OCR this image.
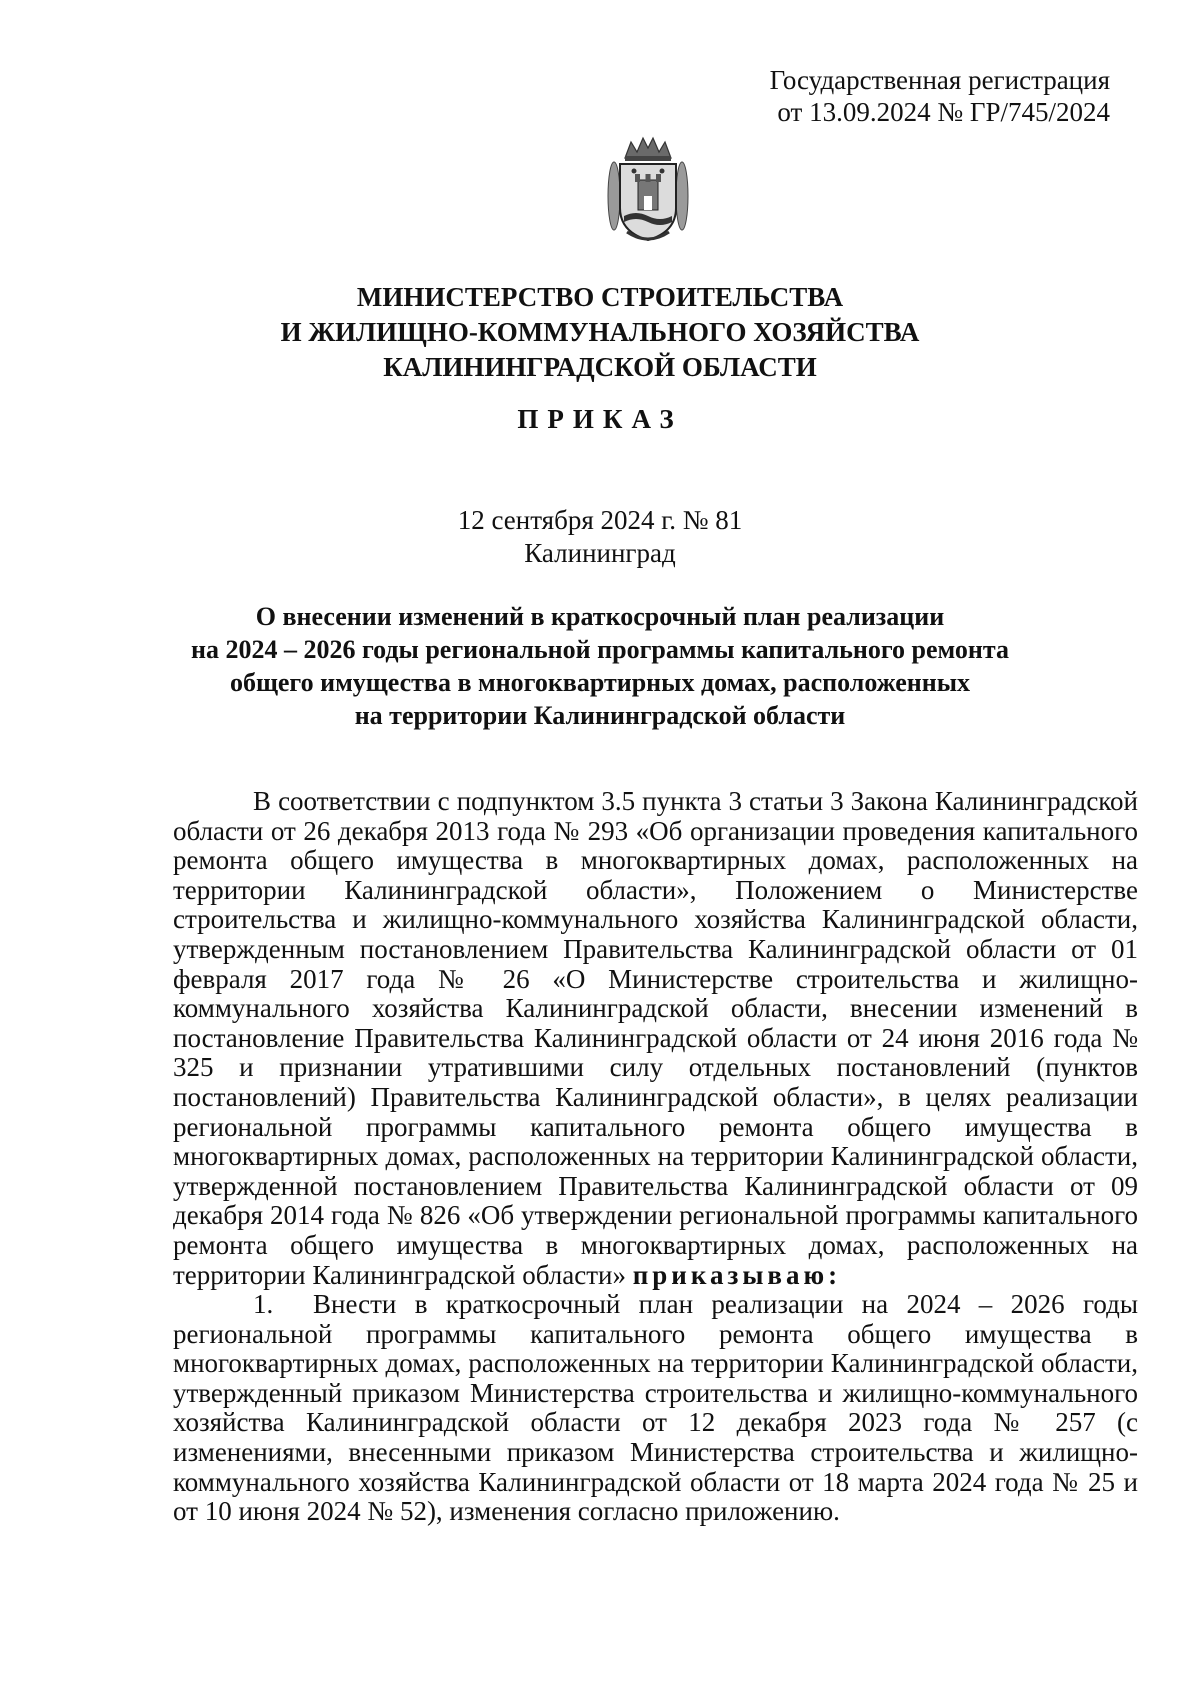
Государственная регистрация
от 13.09.2024 № ГР/745/2024
МИНИСТЕРСТВО СТРОИТЕЛЬСТВА
И ЖИЛИЩНО-КОММУНАЛЬНОГО ХОЗЯЙСТВА
КАЛИНИНГРАДСКОЙ ОБЛАСТИ
ПРИКАЗ
12 сентября 2024 г. № 81
Калининград
О внесении изменений в краткосрочный план реализации
на 2024 – 2026 годы региональной программы капитального ремонта
общего имущества в многоквартирных домах, расположенных
на территории Калининградской области

В соответствии с подпунктом 3.5 пункта 3 статьи 3 Закона Калининградской области от 26 декабря 2013 года № 293 «Об организации проведения капитального ремонта общего имущества в многоквартирных домах, расположенных на территории Калининградской области», Положением о Министерстве строительства и жилищно-коммунального хозяйства Калининградской области, утвержденным постановлением Правительства Калининградской области от 01 февраля 2017 года № 26 «О Министерстве строительства и жилищно-коммунального хозяйства Калининградской области, внесении изменений в постановление Правительства Калининградской области от 24 июня 2016 года № 325 и признании утратившими силу отдельных постановлений (пунктов постановлений) Правительства Калининградской области», в целях реализации региональной программы капитального ремонта общего имущества в многоквартирных домах, расположенных на территории Калининградской области, утвержденной постановлением Правительства Калининградской области от 09 декабря 2014 года № 826 «Об утверждении региональной программы капитального ремонта общего имущества в многоквартирных домах, расположенных на территории Калининградской области» приказываю:

1. Внести в краткосрочный план реализации на 2024 – 2026 годы региональной программы капитального ремонта общего имущества в многоквартирных домах, расположенных на территории Калининградской области, утвержденный приказом Министерства строительства и жилищно-коммунального хозяйства Калининградской области от 12 декабря 2023 года № 257 (с изменениями, внесенными приказом Министерства строительства и жилищно-коммунального хозяйства Калининградской области от 18 марта 2024 года № 25 и от 10 июня 2024 № 52), изменения согласно приложению.
